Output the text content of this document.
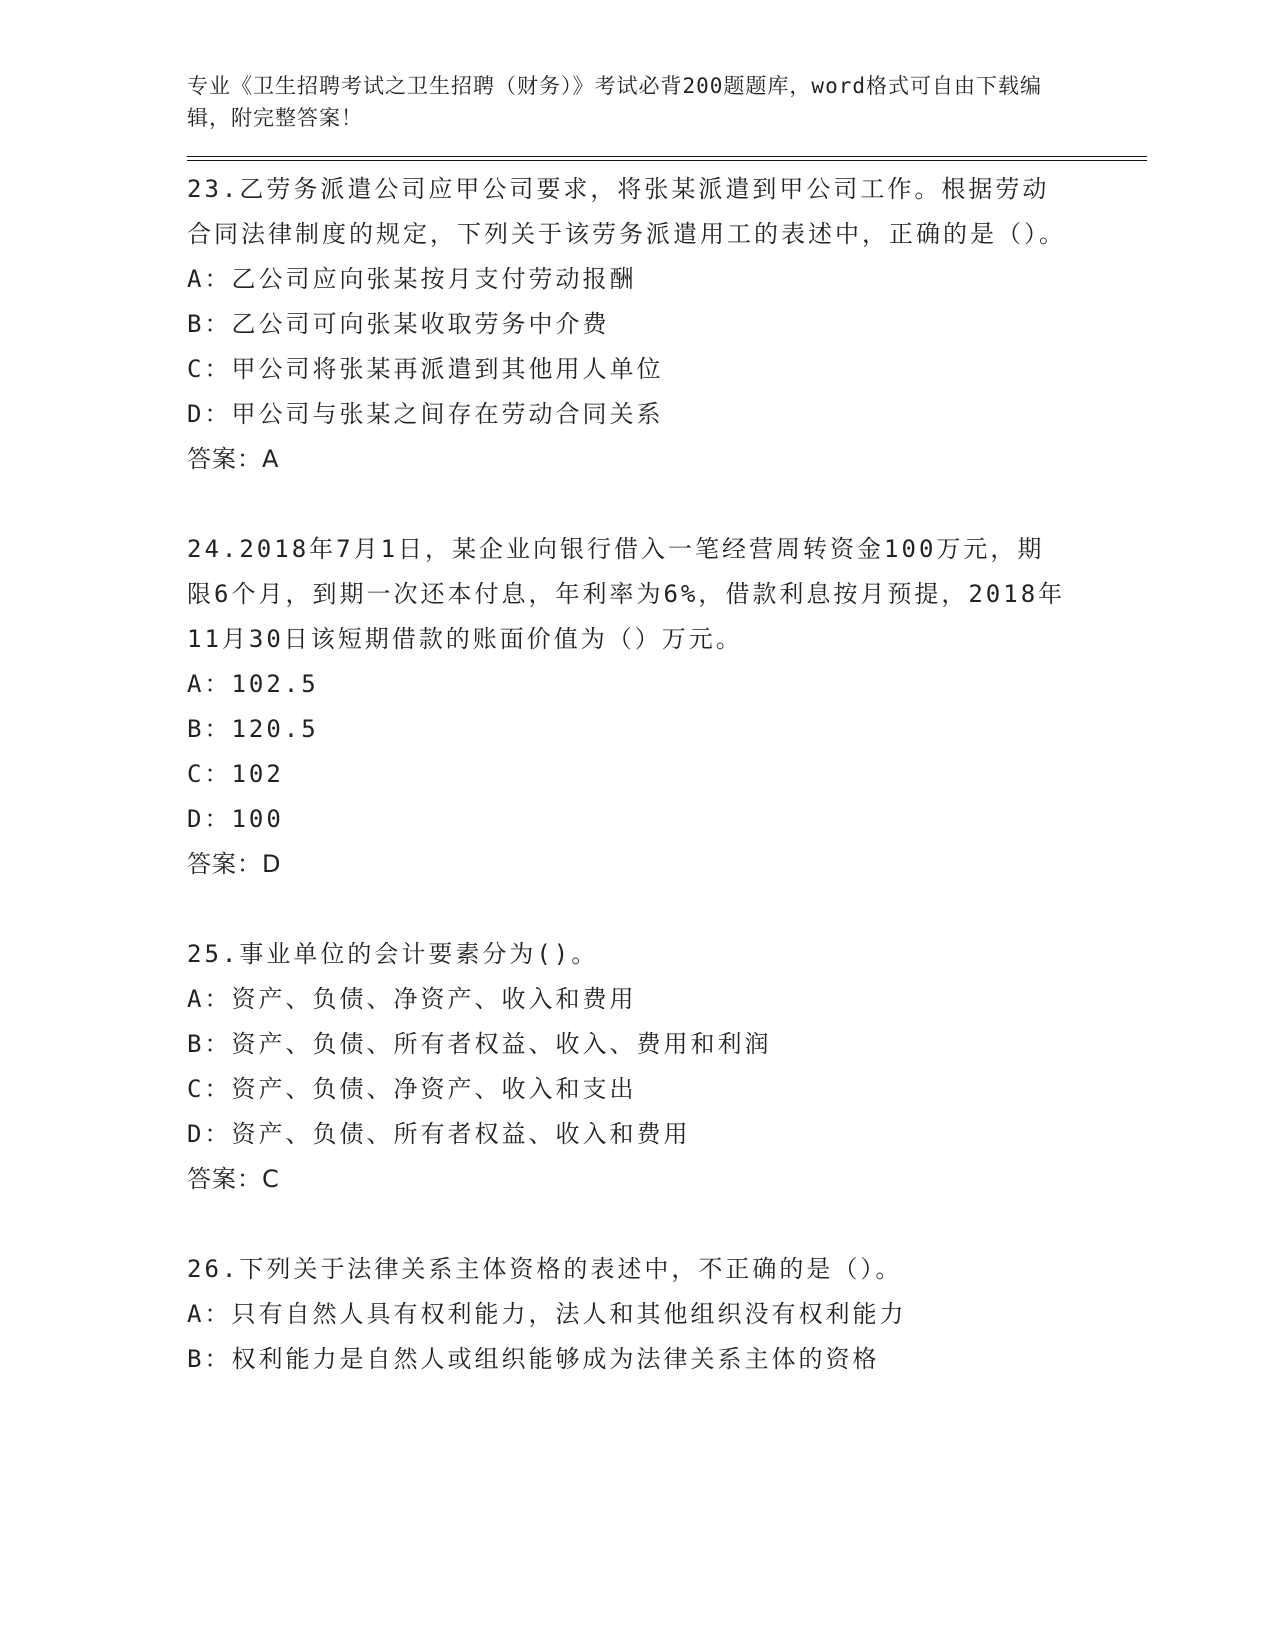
专业《卫生招聘考试之卫生招聘（财务）》考试必背200题题库，word格式可自由下载编辑，附完整答案！

23.乙劳务派遣公司应甲公司要求，将张某派遣到甲公司工作。根据劳动合同法律制度的规定，下列关于该劳务派遣用工的表述中，正确的是（）。

A：乙公司应向张某按月支付劳动报酬

B：乙公司可向张某收取劳务中介费

C：甲公司将张某再派遣到其他用人单位

D：甲公司与张某之间存在劳动合同关系

答案：A

24.2018年7月1日，某企业向银行借入一笔经营周转资金100万元，期限6个月，到期一次还本付息，年利率为6%，借款利息按月预提，2018年11月30日该短期借款的账面价值为（）万元。

A：102.5

B：120.5

C：102

D：100

答案：D

25.事业单位的会计要素分为()。

A：资产、负债、净资产、收入和费用

B：资产、负债、所有者权益、收入、费用和利润

C：资产、负债、净资产、收入和支出

D：资产、负债、所有者权益、收入和费用

答案：C

26.下列关于法律关系主体资格的表述中，不正确的是（）。

A：只有自然人具有权利能力，法人和其他组织没有权利能力

B：权利能力是自然人或组织能够成为法律关系主体的资格
